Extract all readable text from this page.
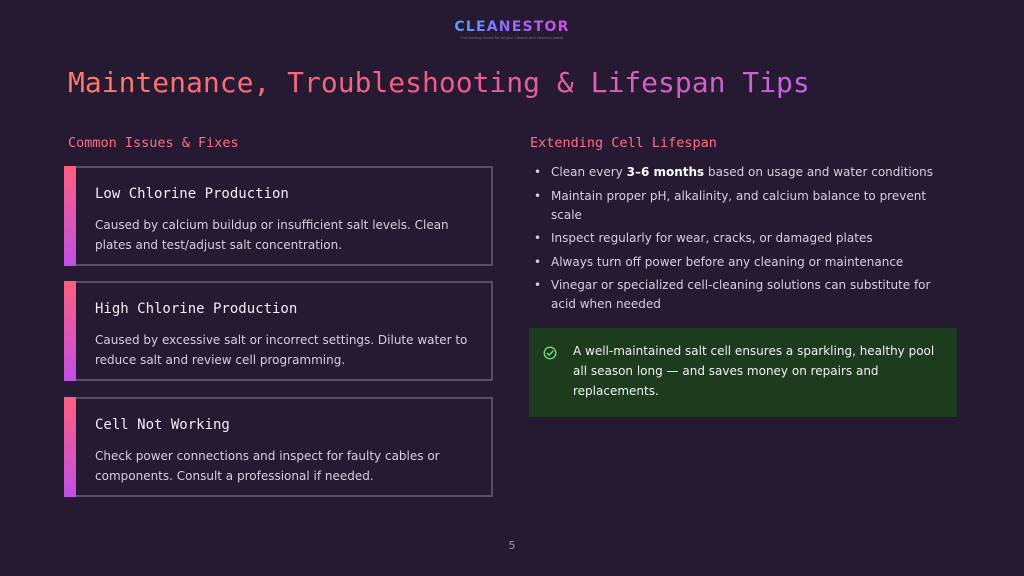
CLEANESTOR
The leading choice for all your cleaner and cleaning needs
Maintenance, Troubleshooting & Lifespan Tips
Common Issues & Fixes
Low Chlorine Production

Caused by calcium buildup or insufficient salt levels. Clean plates and test/adjust salt concentration.

High Chlorine Production

Caused by excessive salt or incorrect settings. Dilute water to reduce salt and review cell programming.

Cell Not Working

Check power connections and inspect for faulty cables or components. Consult a professional if needed.

Extending Cell Lifespan
• Clean every 3–6 months based on usage and water conditions
• Maintain proper pH, alkalinity, and calcium balance to prevent scale
• Inspect regularly for wear, cracks, or damaged plates
• Always turn off power before any cleaning or maintenance
• Vinegar or specialized cell-cleaning solutions can substitute for acid when needed

A well-maintained salt cell ensures a sparkling, healthy pool all season long — and saves money on repairs and replacements.

5
